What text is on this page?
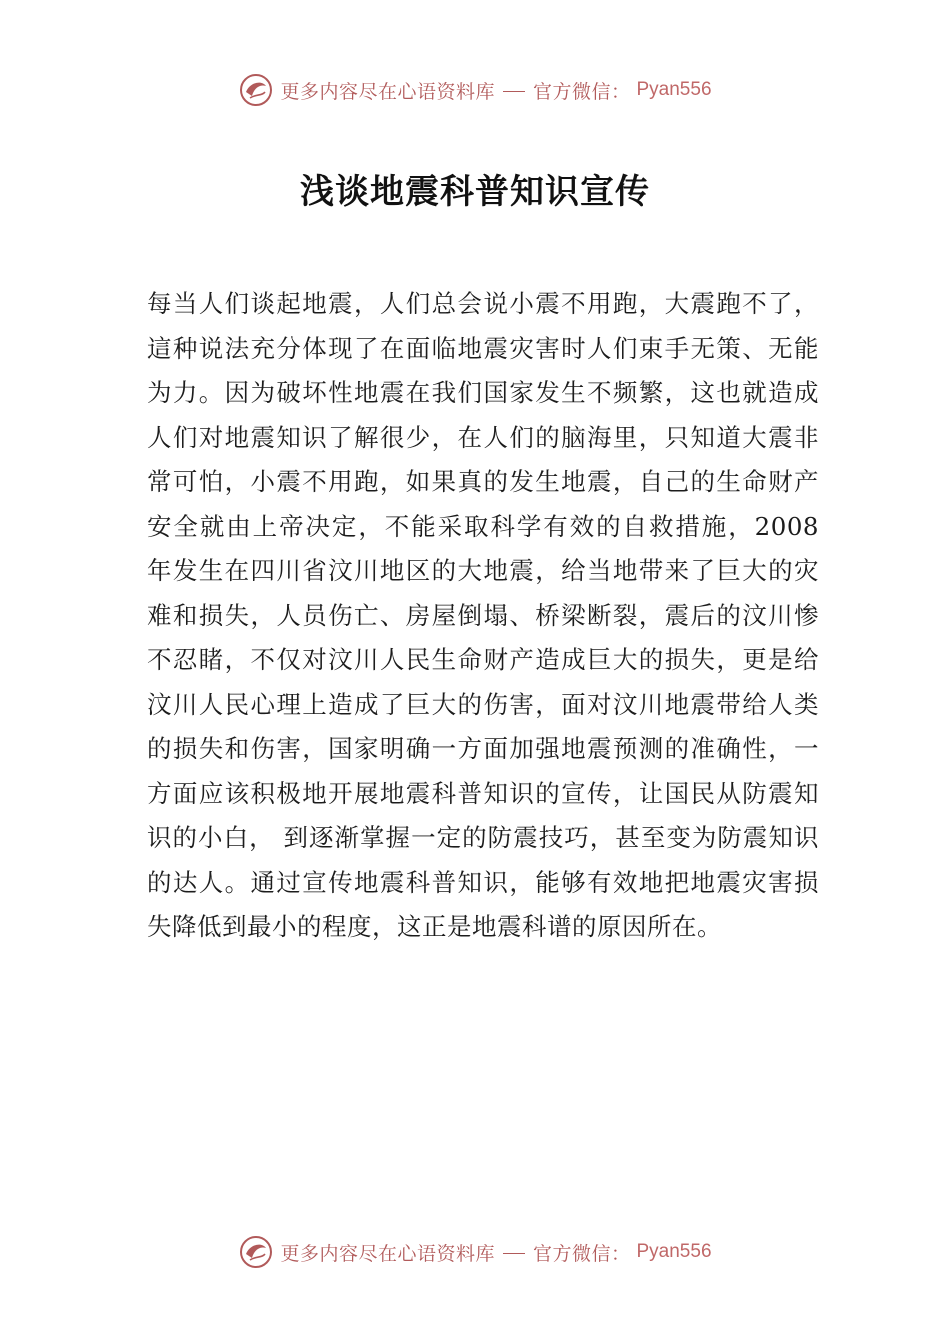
更多内容尽在心语资料库 官方微信： Pyan556
浅谈地震科普知识宣传

每当人们谈起地震，人们总会说小震不用跑，大震跑不了，這种说法充分体现了在面临地震灾害时人们束手无策、无能为力。因为破坏性地震在我们国家发生不频繁，这也就造成人们对地震知识了解很少，在人们的脑海里，只知道大震非常可怕，小震不用跑，如果真的发生地震，自己的生命财产安全就由上帝决定，不能采取科学有效的自救措施，2008 年发生在四川省汶川地区的大地震，给当地带来了巨大的灾难和损失，人员伤亡、房屋倒塌、桥梁断裂，震后的汶川惨不忍睹，不仅对汶川人民生命财产造成巨大的损失，更是给汶川人民心理上造成了巨大的伤害，面对汶川地震带给人类的损失和伤害，国家明确一方面加强地震预测的准确性，一方面应该积极地开展地震科普知识的宣传，让国民从防震知识的小白， 到逐渐掌握一定的防震技巧，甚至变为防震知识的达人。通过宣传地震科普知识，能够有效地把地震灾害损失降低到最小的程度，这正是地震科谱的原因所在。

更多内容尽在心语资料库 官方微信： Pyan556
